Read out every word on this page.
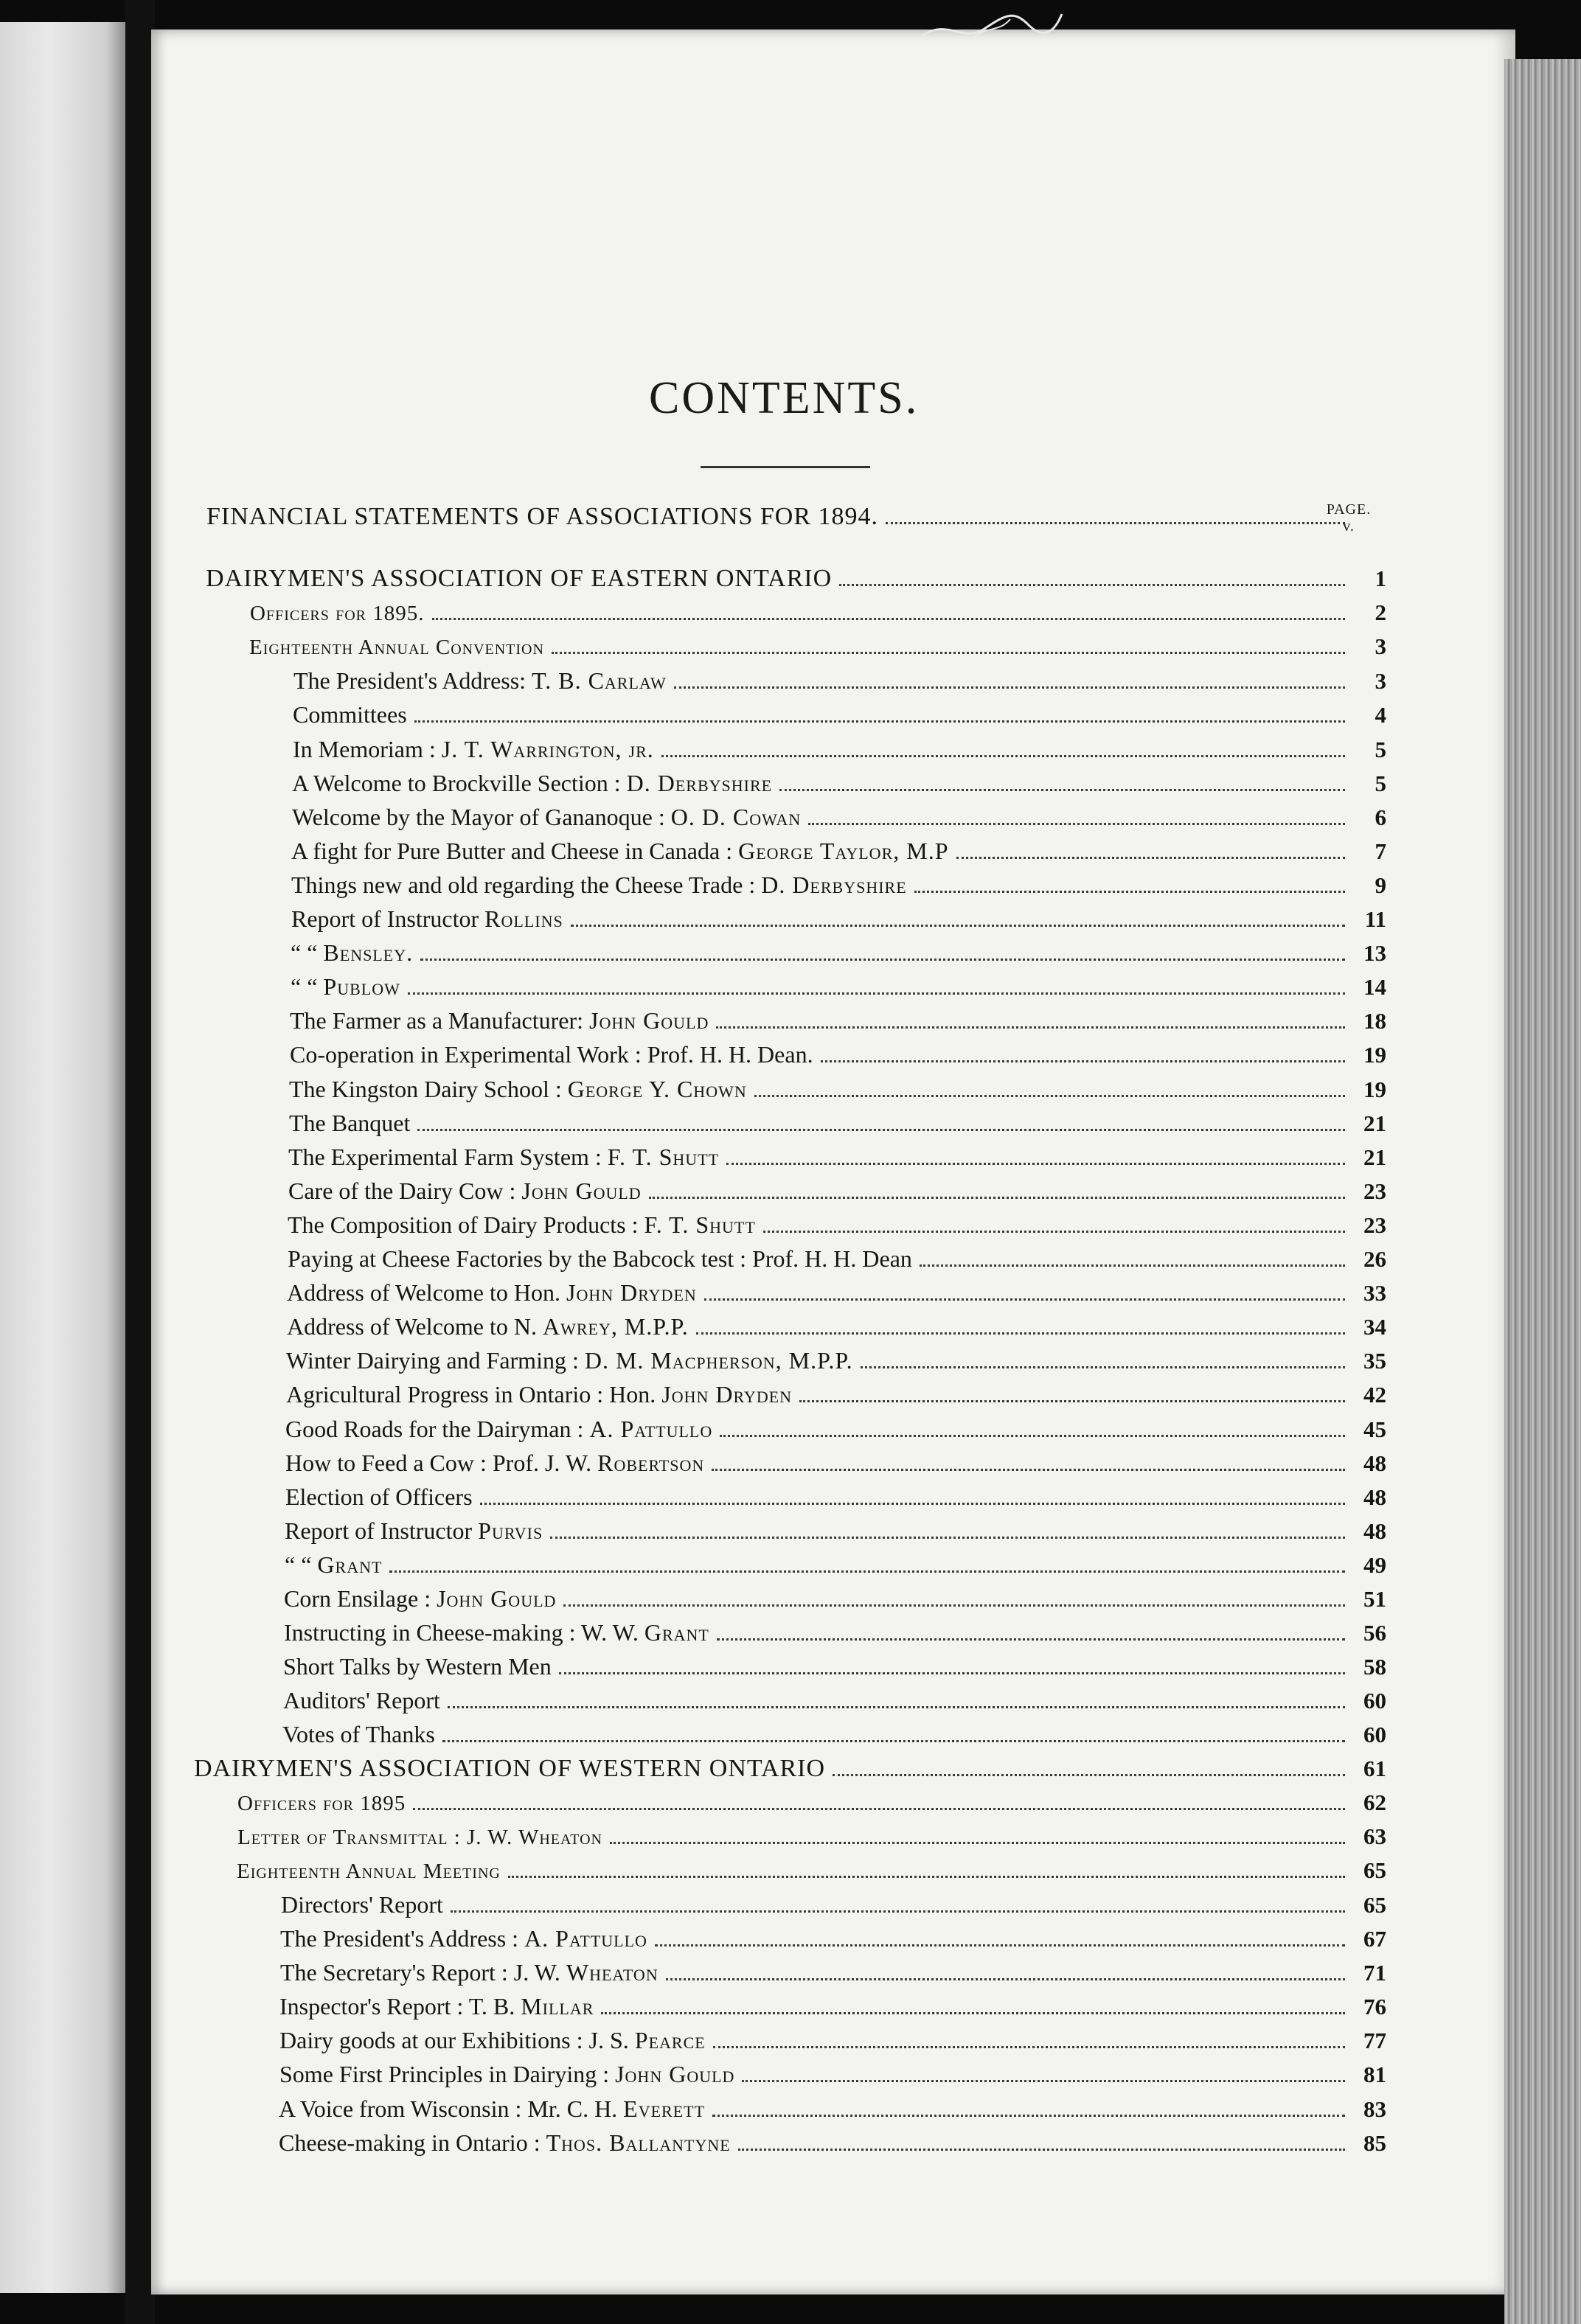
CONTENTS.
PAGE.
v.
FINANCIAL STATEMENTS OF ASSOCIATIONS FOR 1894.
DAIRYMEN'S ASSOCIATION OF EASTERN ONTARIO	1
Officers for 1895.	2
Eighteenth Annual Convention	3
The President's Address: T. B. Carlaw	3
Committees	4
In Memoriam : J. T. Warrington, jr.	5
A Welcome to Brockville Section : D. Derbyshire	5
Welcome by the Mayor of Gananoque : O. D. Cowan	6
A fight for Pure Butter and Cheese in Canada : George Taylor, M.P	7
Things new and old regarding the Cheese Trade : D. Derbyshire	9
Report of Instructor Rollins	11
“ “ Bensley.	13
“ “ Publow	14
The Farmer as a Manufacturer: John Gould	18
Co-operation in Experimental Work : Prof. H. H. Dean.	19
The Kingston Dairy School : George Y. Chown	19
The Banquet	21
The Experimental Farm System : F. T. Shutt	21
Care of the Dairy Cow : John Gould	23
The Composition of Dairy Products : F. T. Shutt	23
Paying at Cheese Factories by the Babcock test : Prof. H. H. Dean	26
Address of Welcome to Hon. John Dryden	33
Address of Welcome to N. Awrey, M.P.P.	34
Winter Dairying and Farming : D. M. Macpherson, M.P.P.	35
Agricultural Progress in Ontario : Hon. John Dryden	42
Good Roads for the Dairyman : A. Pattullo	45
How to Feed a Cow : Prof. J. W. Robertson	48
Election of Officers	48
Report of Instructor Purvis	48
“ “ Grant	49
Corn Ensilage : John Gould	51
Instructing in Cheese-making : W. W. Grant	56
Short Talks by Western Men	58
Auditors' Report	60
Votes of Thanks	60
DAIRYMEN'S ASSOCIATION OF WESTERN ONTARIO	61
Officers for 1895	62
Letter of Transmittal : J. W. Wheaton	63
Eighteenth Annual Meeting	65
Directors' Report	65
The President's Address : A. Pattullo	67
The Secretary's Report : J. W. Wheaton	71
Inspector's Report : T. B. Millar	76
Dairy goods at our Exhibitions : J. S. Pearce	77
Some First Principles in Dairying : John Gould	81
A Voice from Wisconsin : Mr. C. H. Everett	83
Cheese-making in Ontario : Thos. Ballantyne	85
